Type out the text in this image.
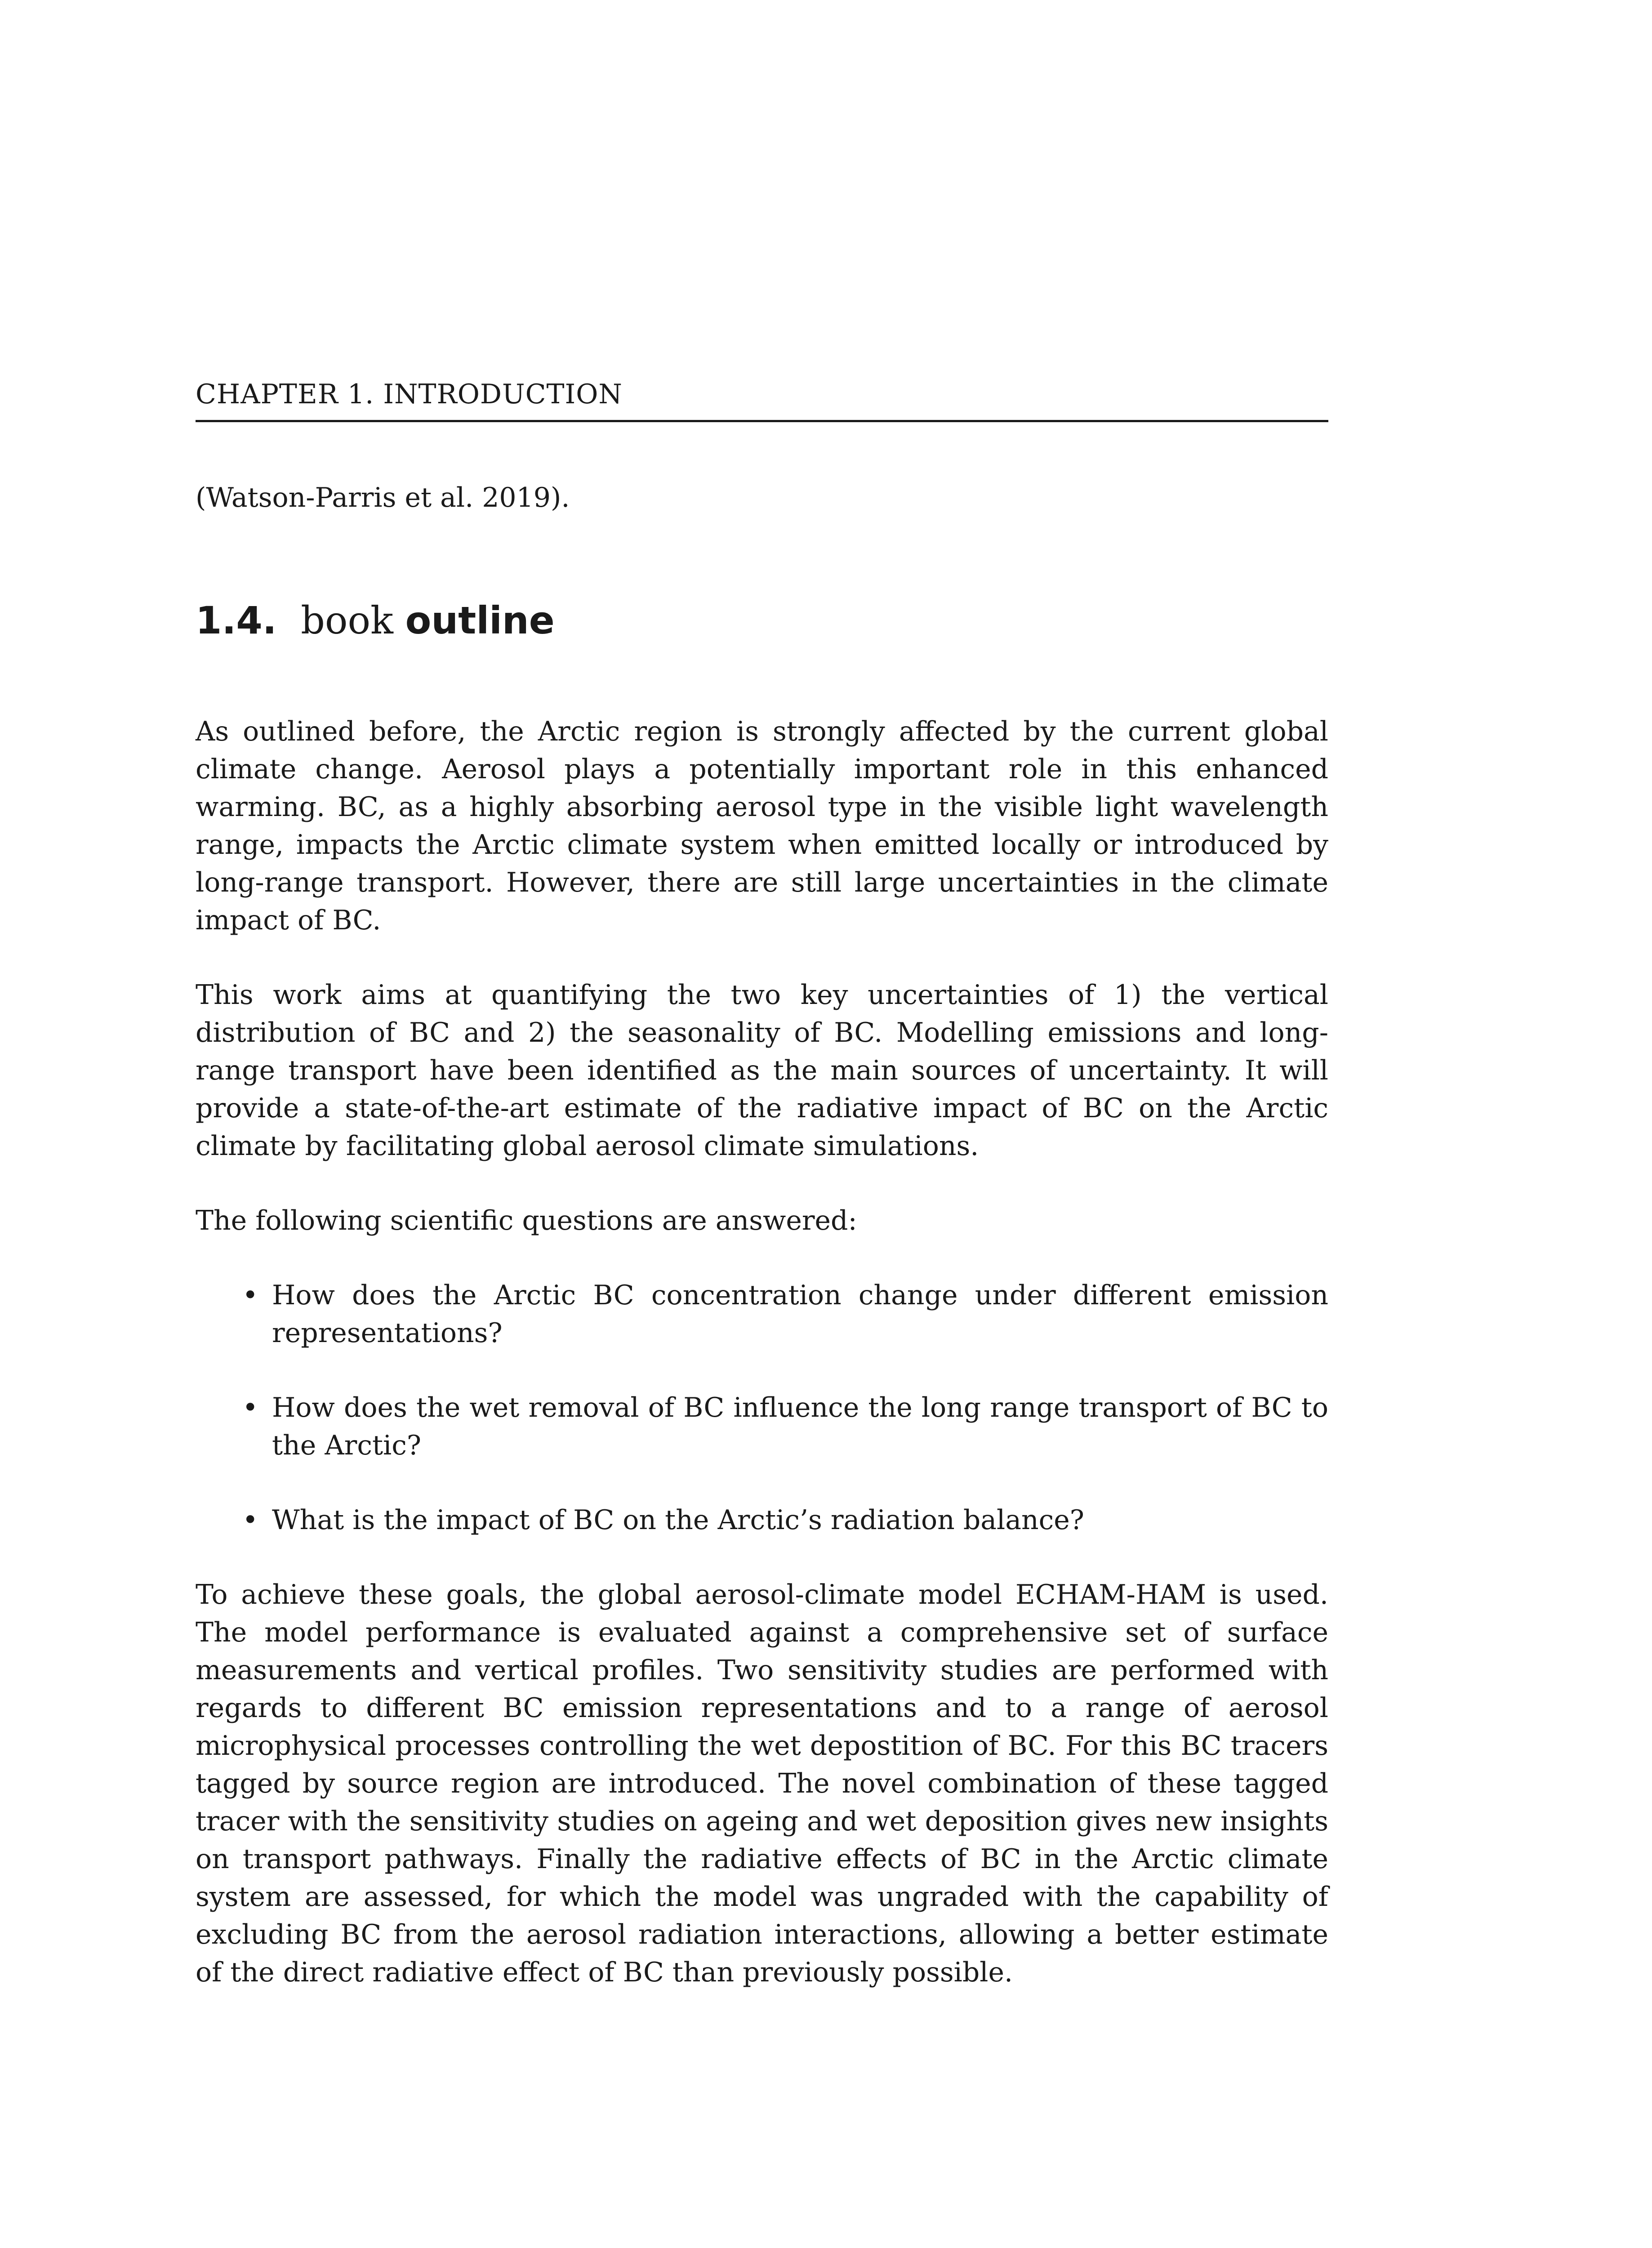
CHAPTER 1. INTRODUCTION
(Watson-Parris et al. 2019).
1.4. book outline

As outlined before, the Arctic region is strongly affected by the current global climate change. Aerosol plays a potentially important role in this enhanced warming. BC, as a highly absorbing aerosol type in the visible light wavelength range, impacts the Arctic climate system when emitted locally or introduced by long-range transport. However, there are still large uncertainties in the climate impact of BC.

This work aims at quantifying the two key uncertainties of 1) the vertical distribution of BC and 2) the seasonality of BC. Modelling emissions and long-range transport have been identified as the main sources of uncertainty. It will provide a state-of-the-art estimate of the radiative impact of BC on the Arctic climate by facilitating global aerosol climate simulations.

The following scientific questions are answered:

• How does the Arctic BC concentration change under different emission representations?
• How does the wet removal of BC influence the long range transport of BC to the Arctic?
• What is the impact of BC on the Arctic’s radiation balance?

To achieve these goals, the global aerosol-climate model ECHAM-HAM is used. The model performance is evaluated against a comprehensive set of surface measurements and vertical profiles. Two sensitivity studies are performed with regards to different BC emission representations and to a range of aerosol microphysical processes controlling the wet depostition of BC. For this BC tracers tagged by source region are introduced. The novel combination of these tagged tracer with the sensitivity studies on ageing and wet deposition gives new insights on transport pathways. Finally the radiative effects of BC in the Arctic climate system are assessed, for which the model was ungraded with the capability of excluding BC from the aerosol radiation interactions, allowing a better estimate of the direct radiative effect of BC than previously possible.
